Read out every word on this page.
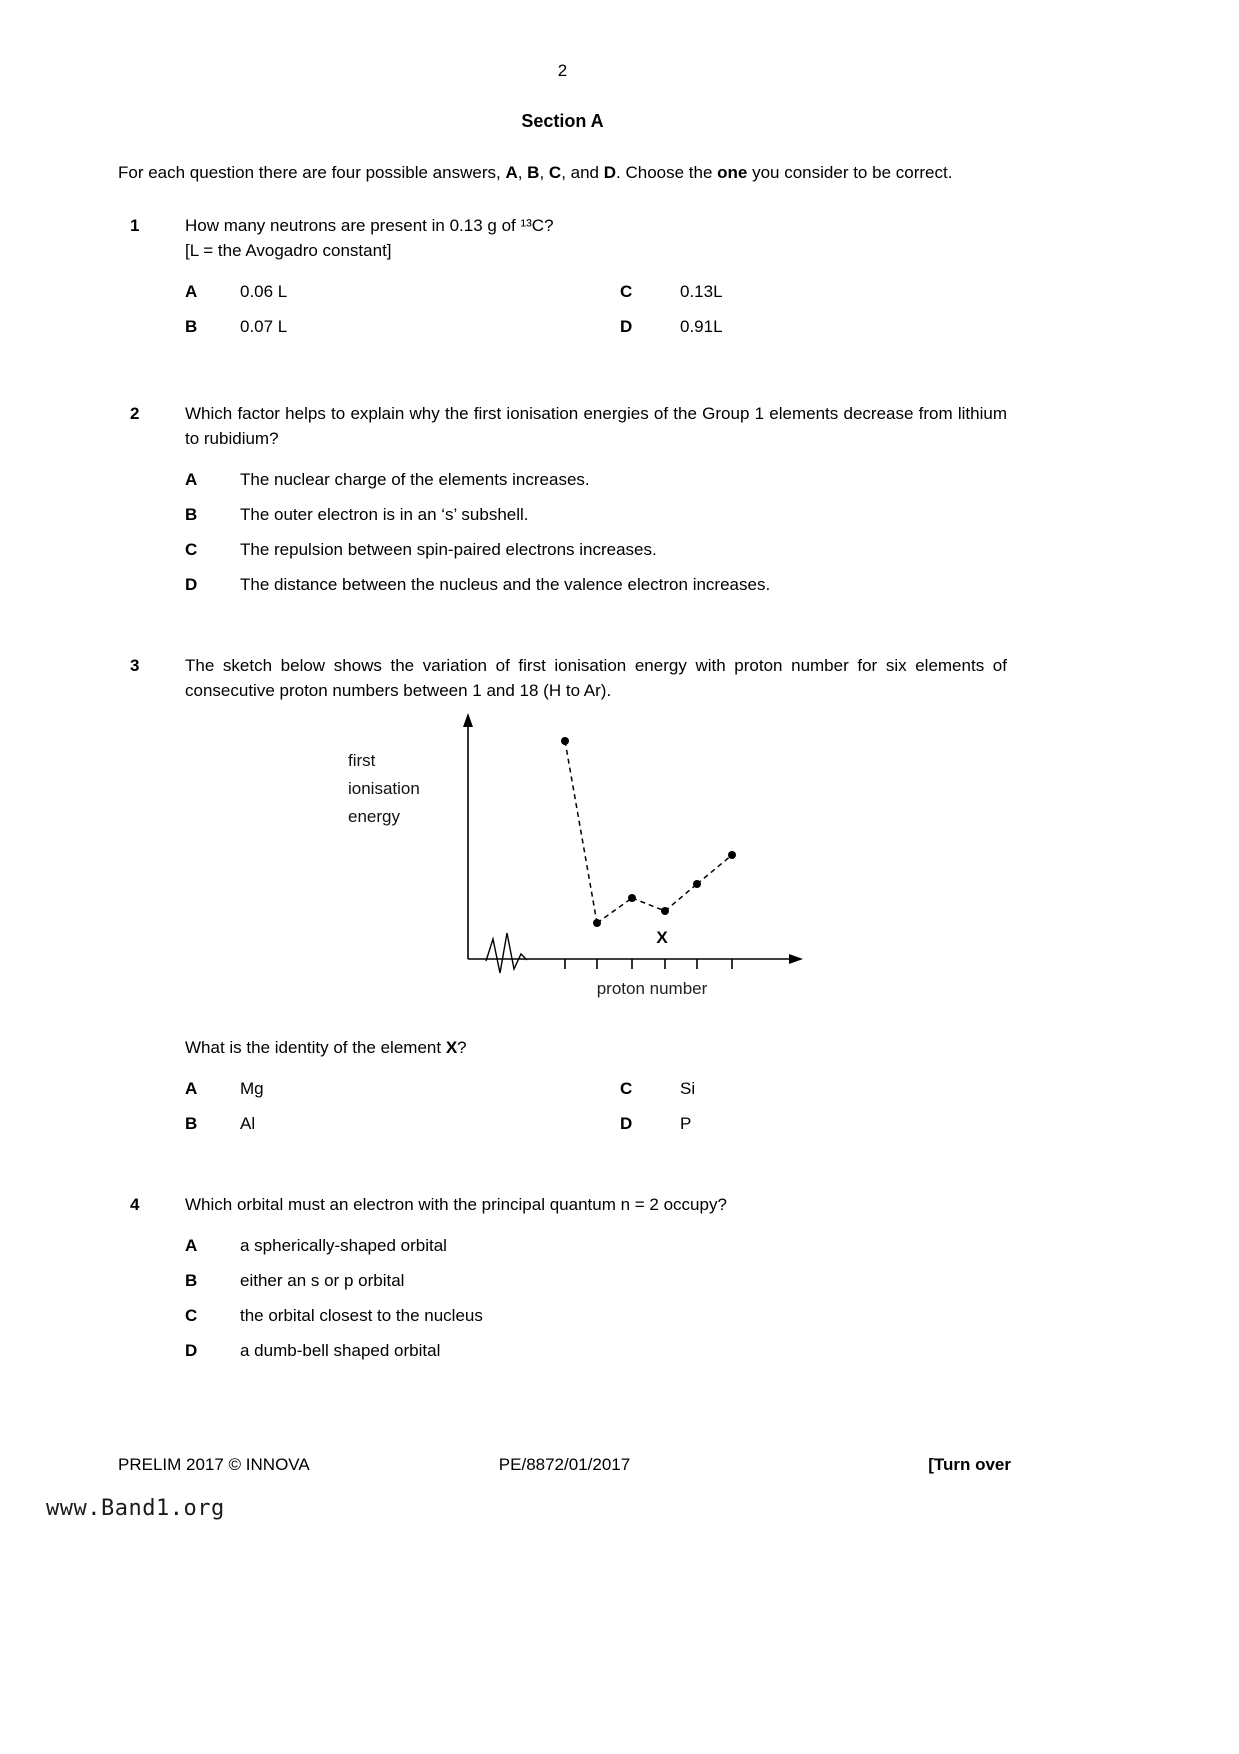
2
Section A

For each question there are four possible answers, A, B, C, and D. Choose the one you consider to be correct.

1	How many neutrons are present in 0.13 g of ¹³C?
[L = the Avogadro constant]

A	0.06 L	C	0.13L
B	0.07 L	D	0.91L
2	Which factor helps to explain why the first ionisation energies of the Group 1 elements decrease from lithium to rubidium?

A	The nuclear charge of the elements increases.
B	The outer electron is in an ‘s’ subshell.
C	The repulsion between spin-paired electrons increases.
D	The distance between the nucleus and the valence electron increases.
3	The sketch below shows the variation of first ionisation energy with proton number for six elements of consecutive proton numbers between 1 and 18 (H to Ar).

first
ionisation
energy
X
proton number

What is the identity of the element X?

A	Mg	C	Si
B	Al	D	P
4	Which orbital must an electron with the principal quantum n = 2 occupy?

A	a spherically-shaped orbital
B	either an s or p orbital
C	the orbital closest to the nucleus
D	a dumb-bell shaped orbital
PRELIM 2017 © INNOVA	PE/8872/01/2017	[Turn over
www.Band1.org
